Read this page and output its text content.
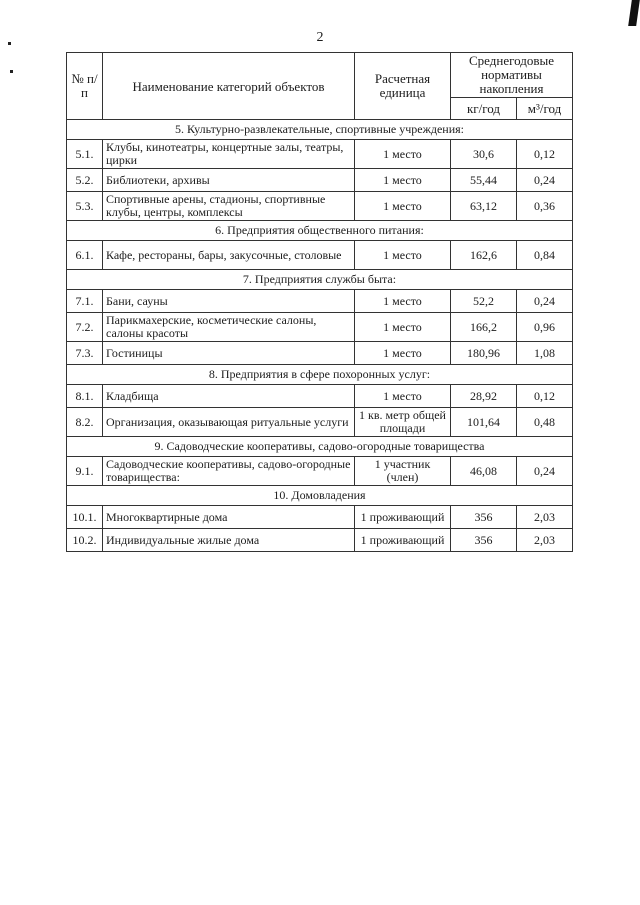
2
№ п/п	Наименование категорий объектов	Расчетная единица	Среднегодовые нормативы накопления	
			кг/год	м³/год
5. Культурно-развлекательные, спортивные учреждения:				
5.1.	Клубы, кинотеатры, концертные залы, театры, цирки	1 место	30,6	0,12
5.2.	Библиотеки, архивы	1 место	55,44	0,24
5.3.	Спортивные арены, стадионы, спортивные клубы, центры, комплексы	1 место	63,12	0,36
6. Предприятия общественного питания:				
6.1.	Кафе, рестораны, бары, закусочные, столовые	1 место	162,6	0,84
7. Предприятия службы быта:				
7.1.	Бани, сауны	1 место	52,2	0,24
7.2.	Парикмахерские, косметические салоны, салоны красоты	1 место	166,2	0,96
7.3.	Гостиницы	1 место	180,96	1,08
8. Предприятия в сфере похоронных услуг:				
8.1.	Кладбища	1 место	28,92	0,12
8.2.	Организация, оказывающая ритуальные услуги	1 кв. метр общей площади	101,64	0,48
9. Садоводческие кооперативы, садово-огородные товарищества				
9.1.	Садоводческие кооперативы, садово-огородные товарищества:	1 участник (член)	46,08	0,24
10. Домовладения				
10.1.	Многоквартирные дома	1 проживающий	356	2,03
10.2.	Индивидуальные жилые дома	1 проживающий	356	2,03
